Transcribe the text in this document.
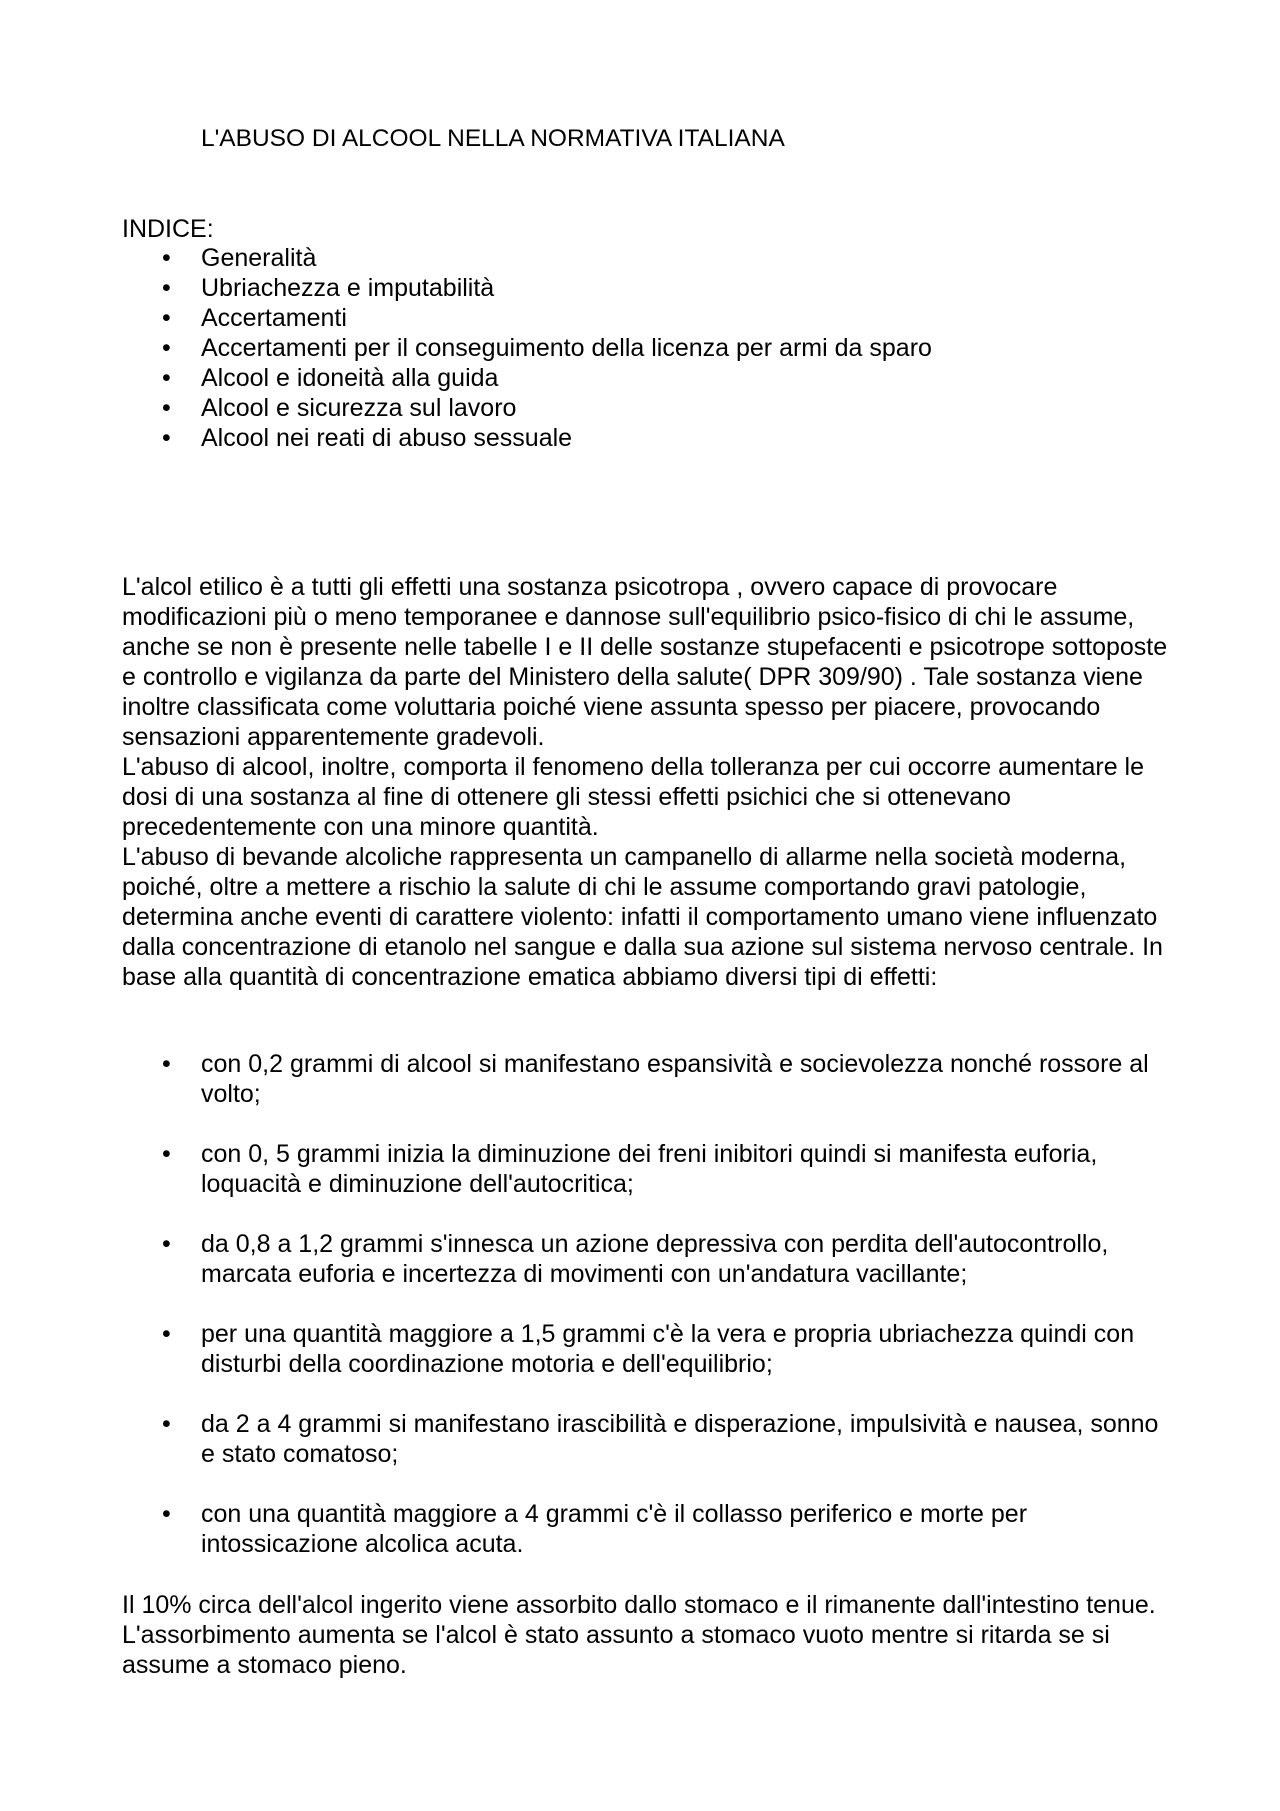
L'ABUSO DI ALCOOL NELLA NORMATIVA ITALIANA
INDICE:
• Generalità
• Ubriachezza e imputabilità
• Accertamenti
• Accertamenti per il conseguimento della licenza per armi da sparo
• Alcool e idoneità alla guida
• Alcool e sicurezza sul lavoro
• Alcool nei reati di abuso sessuale

L'alcol etilico è a tutti gli effetti una sostanza psicotropa , ovvero capace di provocare modificazioni più o meno temporanee e dannose sull'equilibrio psico-fisico di chi le assume, anche se non è presente nelle tabelle I e II delle sostanze stupefacenti e psicotrope sottoposte e controllo e vigilanza da parte del Ministero della salute( DPR 309/90) . Tale sostanza viene inoltre classificata come voluttaria poiché viene assunta spesso per piacere, provocando sensazioni apparentemente gradevoli.

L'abuso di alcool, inoltre, comporta il fenomeno della tolleranza per cui occorre aumentare le dosi di una sostanza al fine di ottenere gli stessi effetti psichici che si ottenevano precedentemente con una minore quantità.

L'abuso di bevande alcoliche rappresenta un campanello di allarme nella società moderna, poiché, oltre a mettere a rischio la salute di chi le assume comportando gravi patologie, determina anche eventi di carattere violento: infatti il comportamento umano viene influenzato dalla concentrazione di etanolo nel sangue e dalla sua azione sul sistema nervoso centrale. In base alla quantità di concentrazione ematica abbiamo diversi tipi di effetti:

• con 0,2 grammi di alcool si manifestano espansività e socievolezza nonché rossore al volto;
• con 0, 5 grammi inizia la diminuzione dei freni inibitori quindi si manifesta euforia, loquacità e diminuzione dell'autocritica;
• da 0,8 a 1,2 grammi s'innesca un azione depressiva con perdita dell'autocontrollo, marcata euforia e incertezza di movimenti con un'andatura vacillante;
• per una quantità maggiore a 1,5 grammi c'è la vera e propria ubriachezza quindi con disturbi della coordinazione motoria e dell'equilibrio;
• da 2 a 4 grammi si manifestano irascibilità e disperazione, impulsività e nausea, sonno e stato comatoso;
• con una quantità maggiore a 4 grammi c'è il collasso periferico e morte per intossicazione alcolica acuta.

Il 10% circa dell'alcol ingerito viene assorbito dallo stomaco e il rimanente dall'intestino tenue. L'assorbimento aumenta se l'alcol è stato assunto a stomaco vuoto mentre si ritarda se si assume a stomaco pieno.
